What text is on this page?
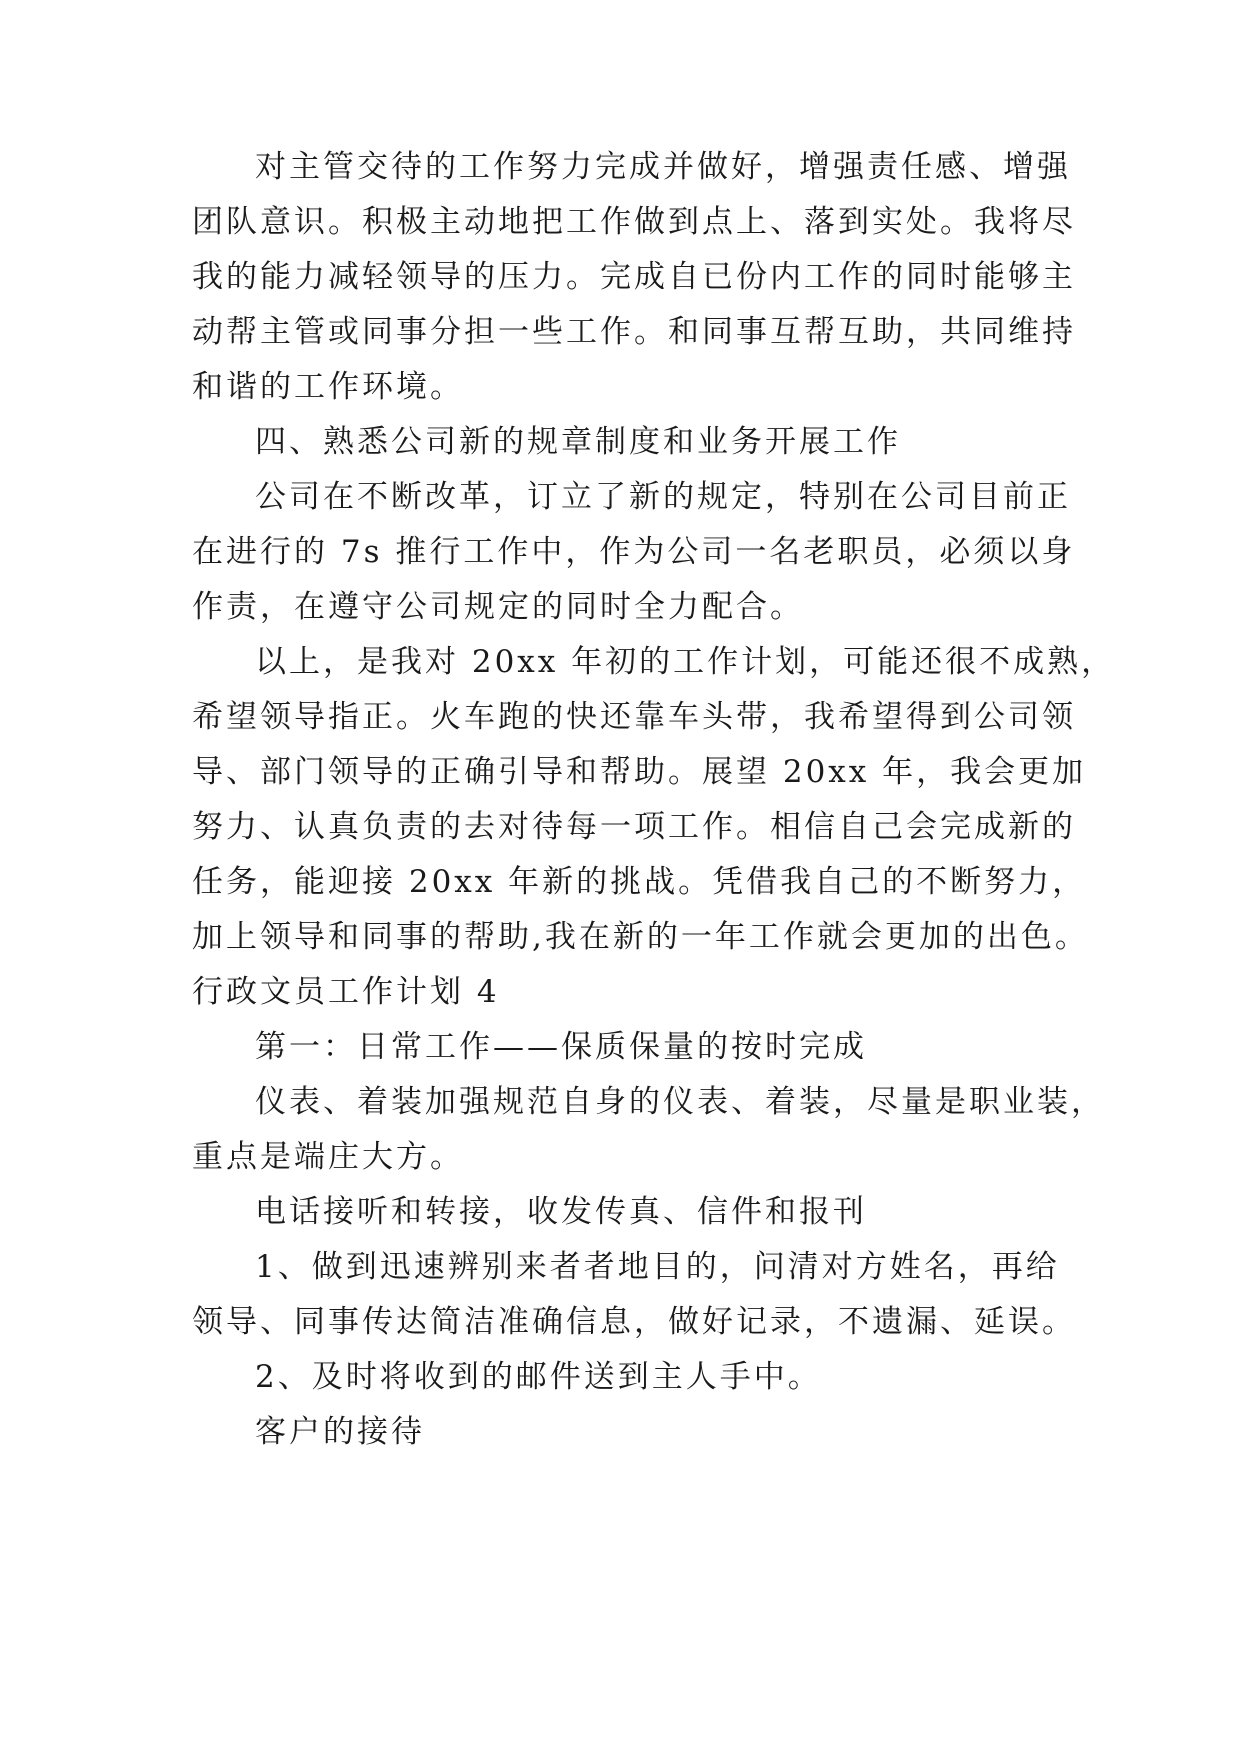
对主管交待的工作努力完成并做好，增强责任感、增强
团队意识。积极主动地把工作做到点上、落到实处。我将尽
我的能力减轻领导的压力。完成自已份内工作的同时能够主
动帮主管或同事分担一些工作。和同事互帮互助，共同维持
和谐的工作环境。
四、熟悉公司新的规章制度和业务开展工作
公司在不断改革，订立了新的规定，特别在公司目前正
在进行的 7s 推行工作中，作为公司一名老职员，必须以身
作责，在遵守公司规定的同时全力配合。
以上，是我对 20xx 年初的工作计划，可能还很不成熟，
希望领导指正。火车跑的快还靠车头带，我希望得到公司领
导、部门领导的正确引导和帮助。展望 20xx 年，我会更加
努力、认真负责的去对待每一项工作。相信自己会完成新的
任务，能迎接 20xx 年新的挑战。凭借我自己的不断努力，
加上领导和同事的帮助,我在新的一年工作就会更加的出色。
行政文员工作计划 4
第一：日常工作——保质保量的按时完成
仪表、着装加强规范自身的仪表、着装，尽量是职业装，
重点是端庄大方。
电话接听和转接，收发传真、信件和报刊
1、做到迅速辨别来者者地目的，问清对方姓名，再给
领导、同事传达简洁准确信息，做好记录，不遗漏、延误。
2、及时将收到的邮件送到主人手中。
客户的接待
